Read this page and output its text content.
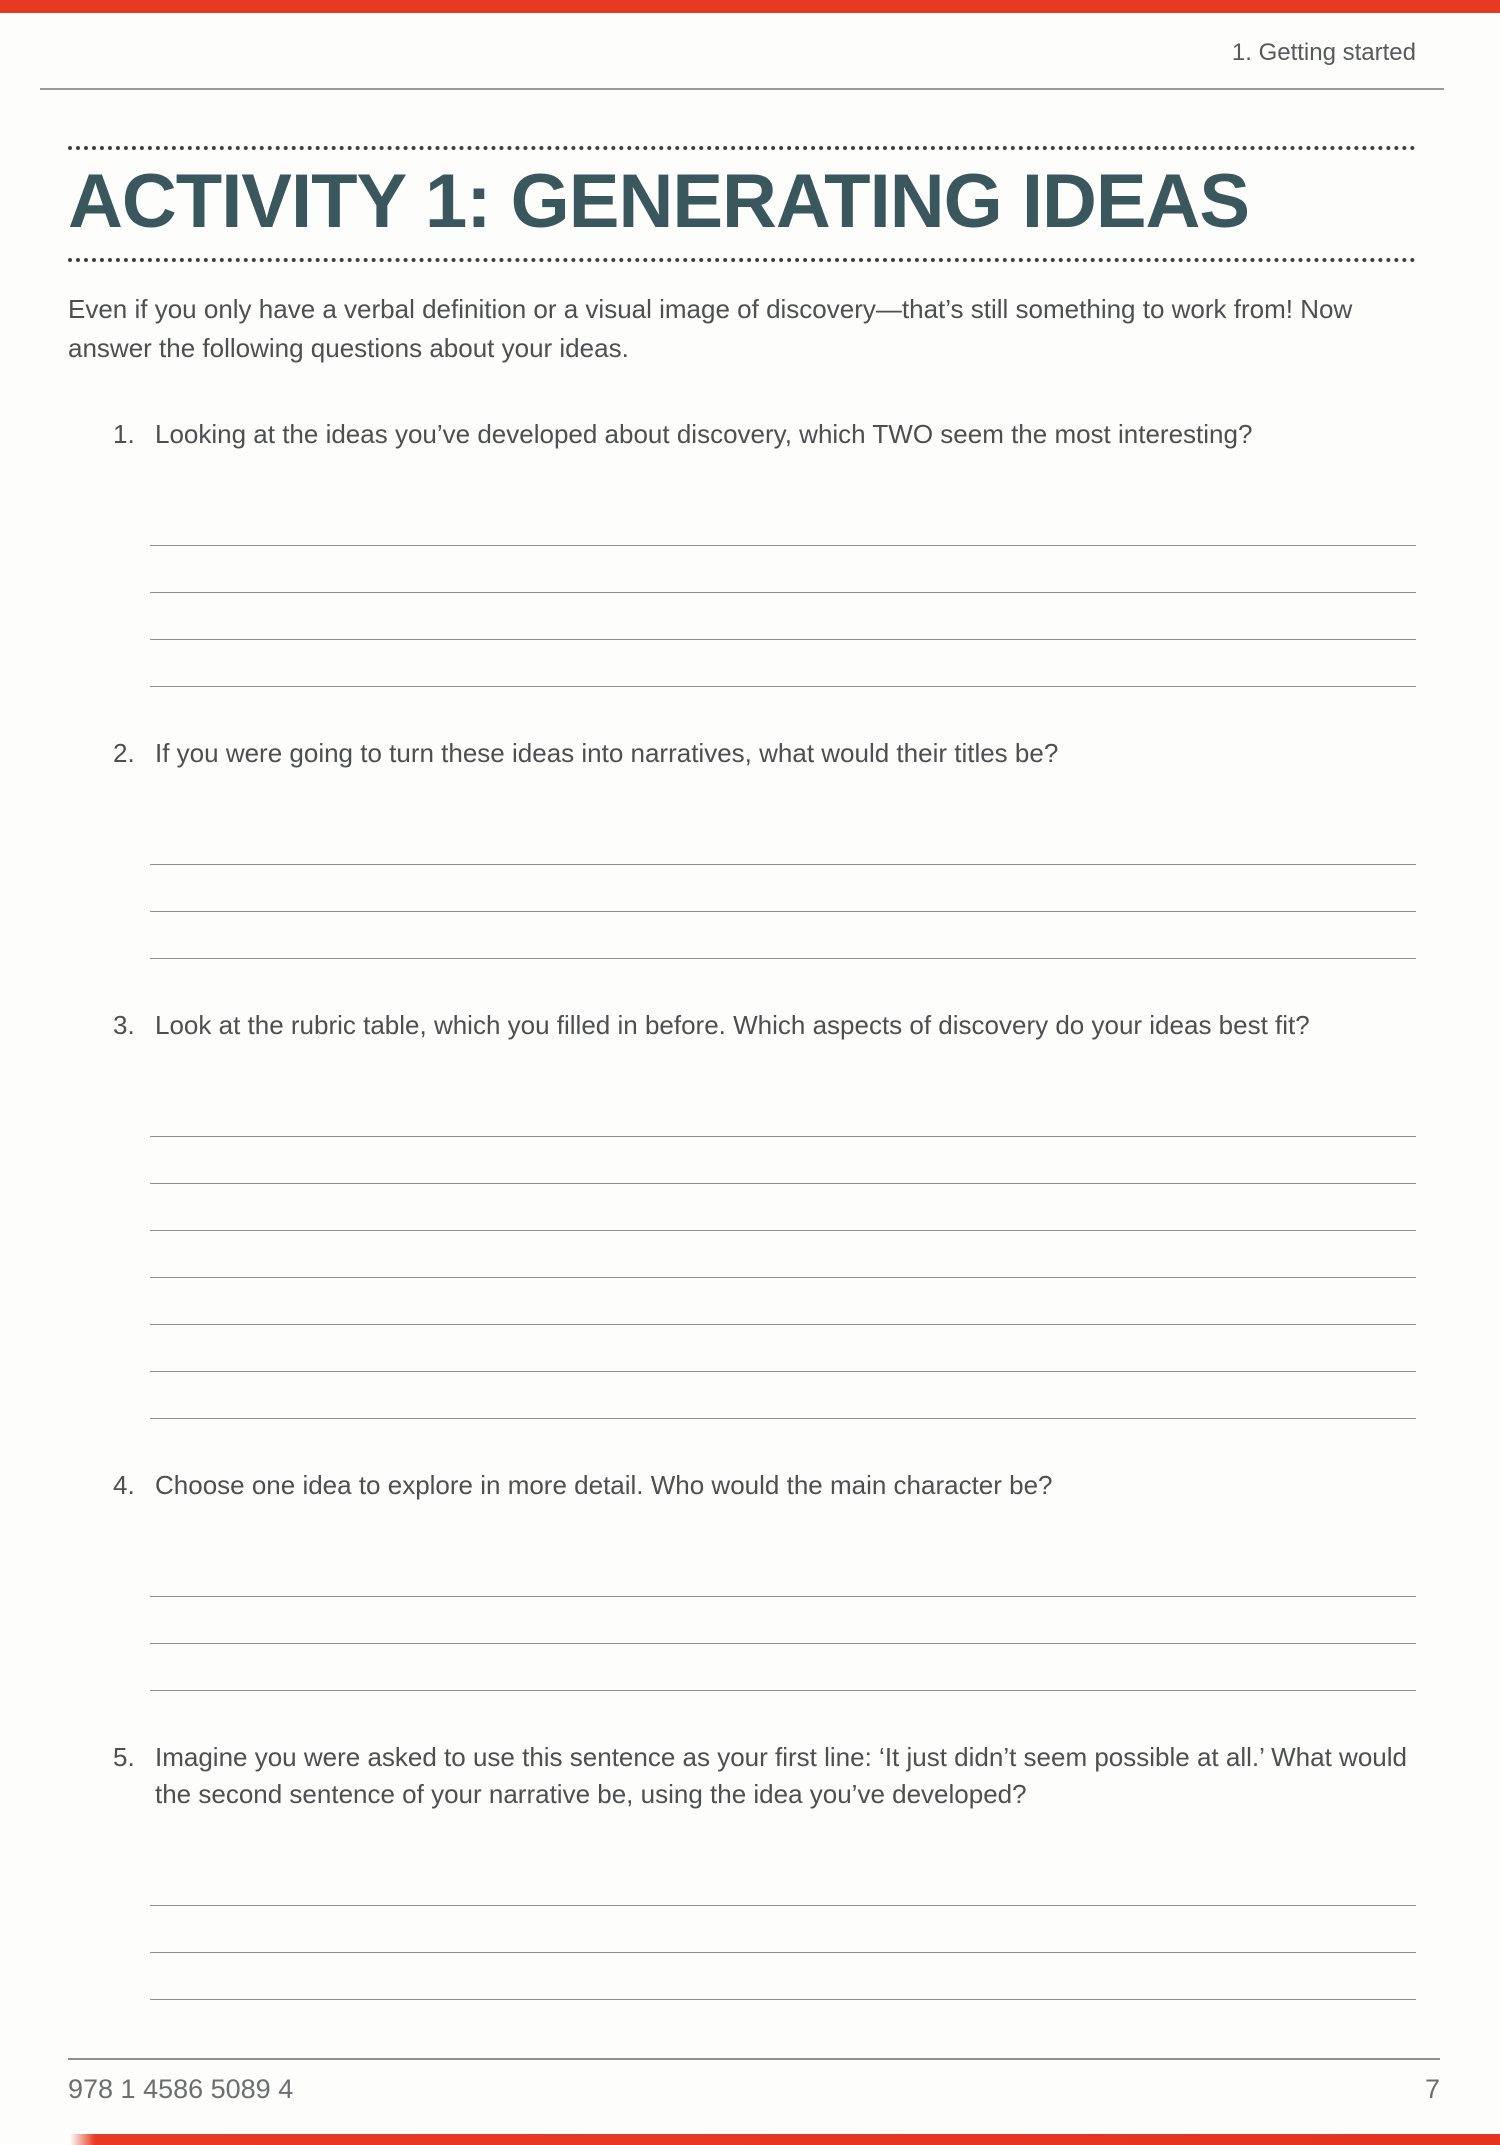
1. Getting started
ACTIVITY 1: GENERATING IDEAS

Even if you only have a verbal definition or a visual image of discovery—that’s still something to work from! Now answer the following questions about your ideas.

1. Looking at the ideas you’ve developed about discovery, which TWO seem the most interesting?
2. If you were going to turn these ideas into narratives, what would their titles be?
3. Look at the rubric table, which you filled in before. Which aspects of discovery do your ideas best fit?
4. Choose one idea to explore in more detail. Who would the main character be?
5. Imagine you were asked to use this sentence as your first line: ‘It just didn’t seem possible at all.’ What would the second sentence of your narrative be, using the idea you’ve developed?
978 1 4586 5089 4	7
